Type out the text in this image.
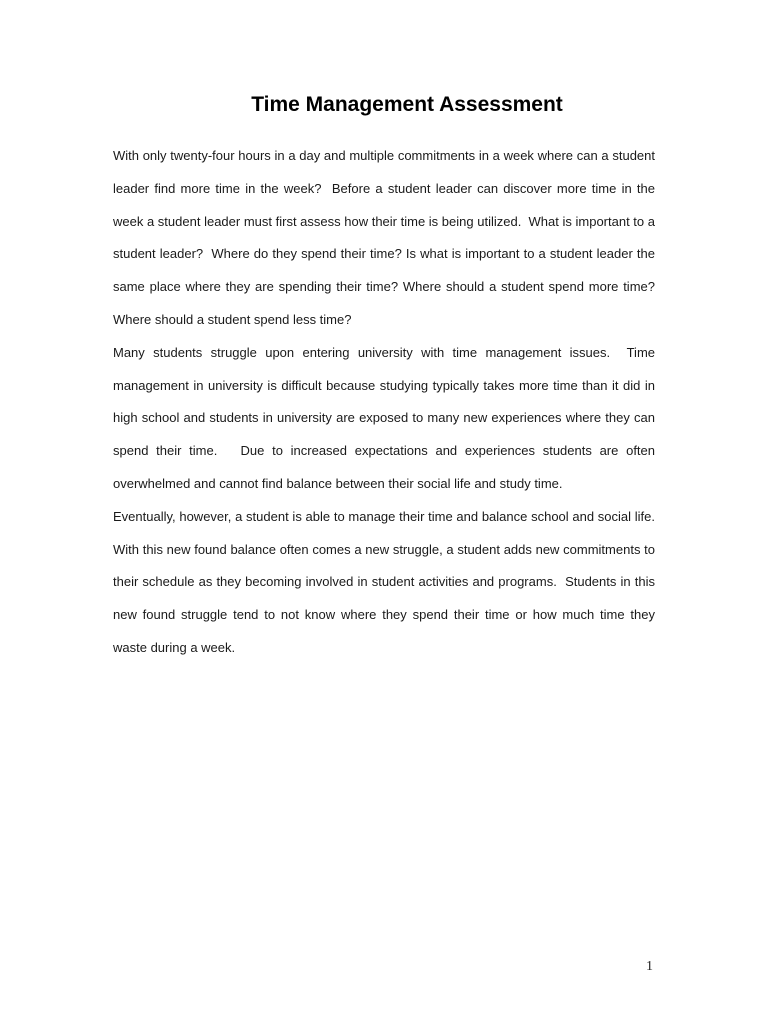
Time Management Assessment

With only twenty-four hours in a day and multiple commitments in a week where can a student leader find more time in the week?  Before a student leader can discover more time in the week a student leader must first assess how their time is being utilized.  What is important to a student leader?  Where do they spend their time? Is what is important to a student leader the same place where they are spending their time? Where should a student spend more time?  Where should a student spend less time?

Many students struggle upon entering university with time management issues.  Time management in university is difficult because studying typically takes more time than it did in high school and students in university are exposed to many new experiences where they can spend their time.   Due to increased expectations and experiences students are often overwhelmed and cannot find balance between their social life and study time.

Eventually, however, a student is able to manage their time and balance school and social life.  With this new found balance often comes a new struggle, a student adds new commitments to their schedule as they becoming involved in student activities and programs.  Students in this new found struggle tend to not know where they spend their time or how much time they waste during a week.

1
